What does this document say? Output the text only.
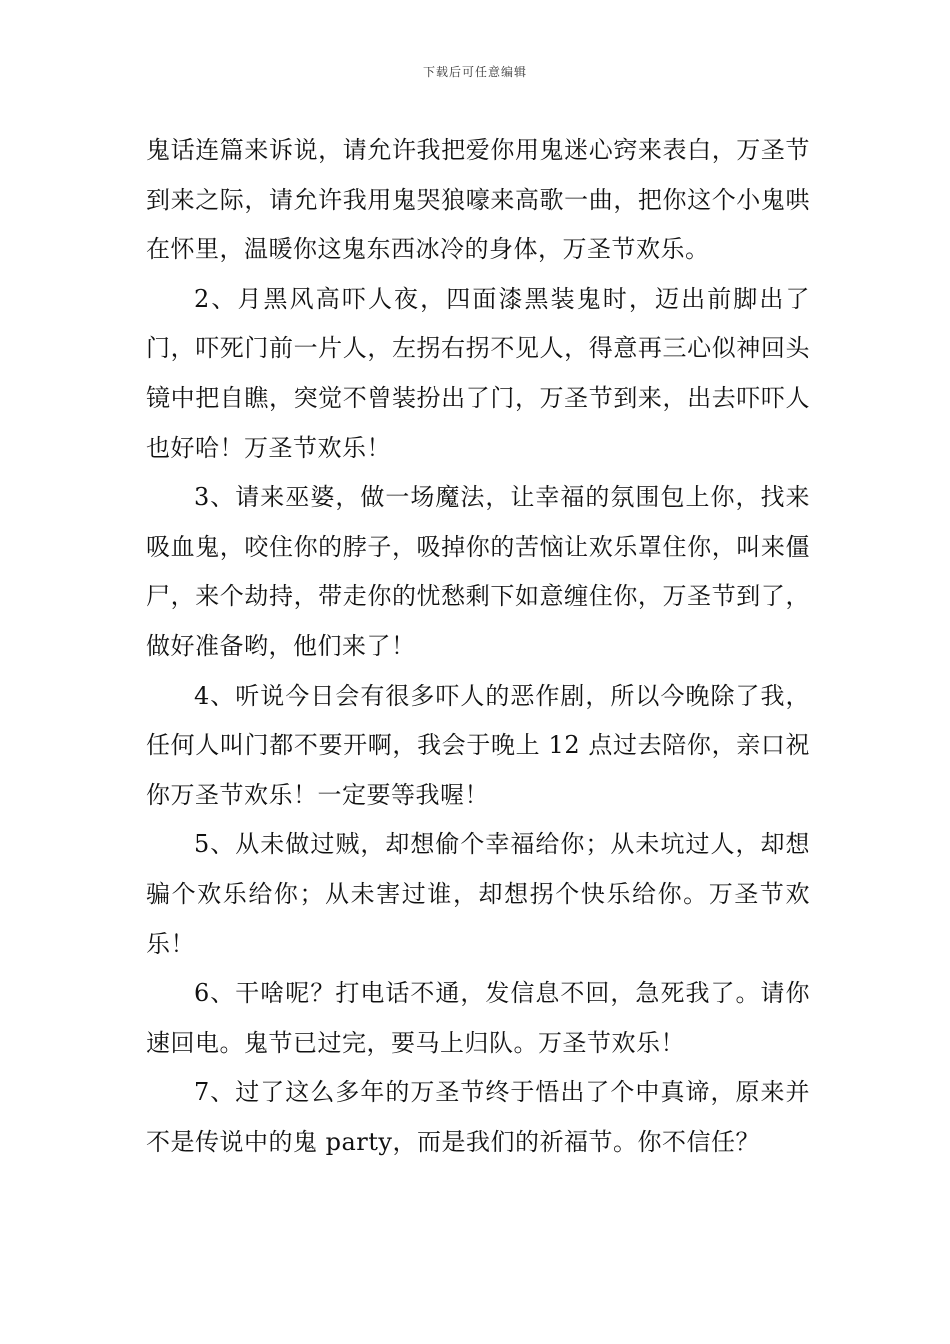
下载后可任意编辑

鬼话连篇来诉说，请允许我把爱你用鬼迷心窍来表白，万圣节到来之际，请允许我用鬼哭狼嚎来高歌一曲，把你这个小鬼哄在怀里，温暖你这鬼东西冰冷的身体，万圣节欢乐。

2、月黑风高吓人夜，四面漆黑装鬼时，迈出前脚出了门，吓死门前一片人，左拐右拐不见人，得意再三心似神回头镜中把自瞧，突觉不曾装扮出了门，万圣节到来，出去吓吓人也好哈！万圣节欢乐！

3、请来巫婆，做一场魔法，让幸福的氛围包上你，找来吸血鬼，咬住你的脖子，吸掉你的苦恼让欢乐罩住你，叫来僵尸，来个劫持，带走你的忧愁剩下如意缠住你，万圣节到了，做好准备哟，他们来了！

4、听说今日会有很多吓人的恶作剧，所以今晚除了我，任何人叫门都不要开啊，我会于晚上 12 点过去陪你，亲口祝你万圣节欢乐！一定要等我喔！

5、从未做过贼，却想偷个幸福给你；从未坑过人，却想骗个欢乐给你；从未害过谁，却想拐个快乐给你。万圣节欢乐！

6、干啥呢？打电话不通，发信息不回，急死我了。请你速回电。鬼节已过完，要马上归队。万圣节欢乐！

7、过了这么多年的万圣节终于悟出了个中真谛，原来并不是传说中的鬼 party，而是我们的祈福节。你不信任？
